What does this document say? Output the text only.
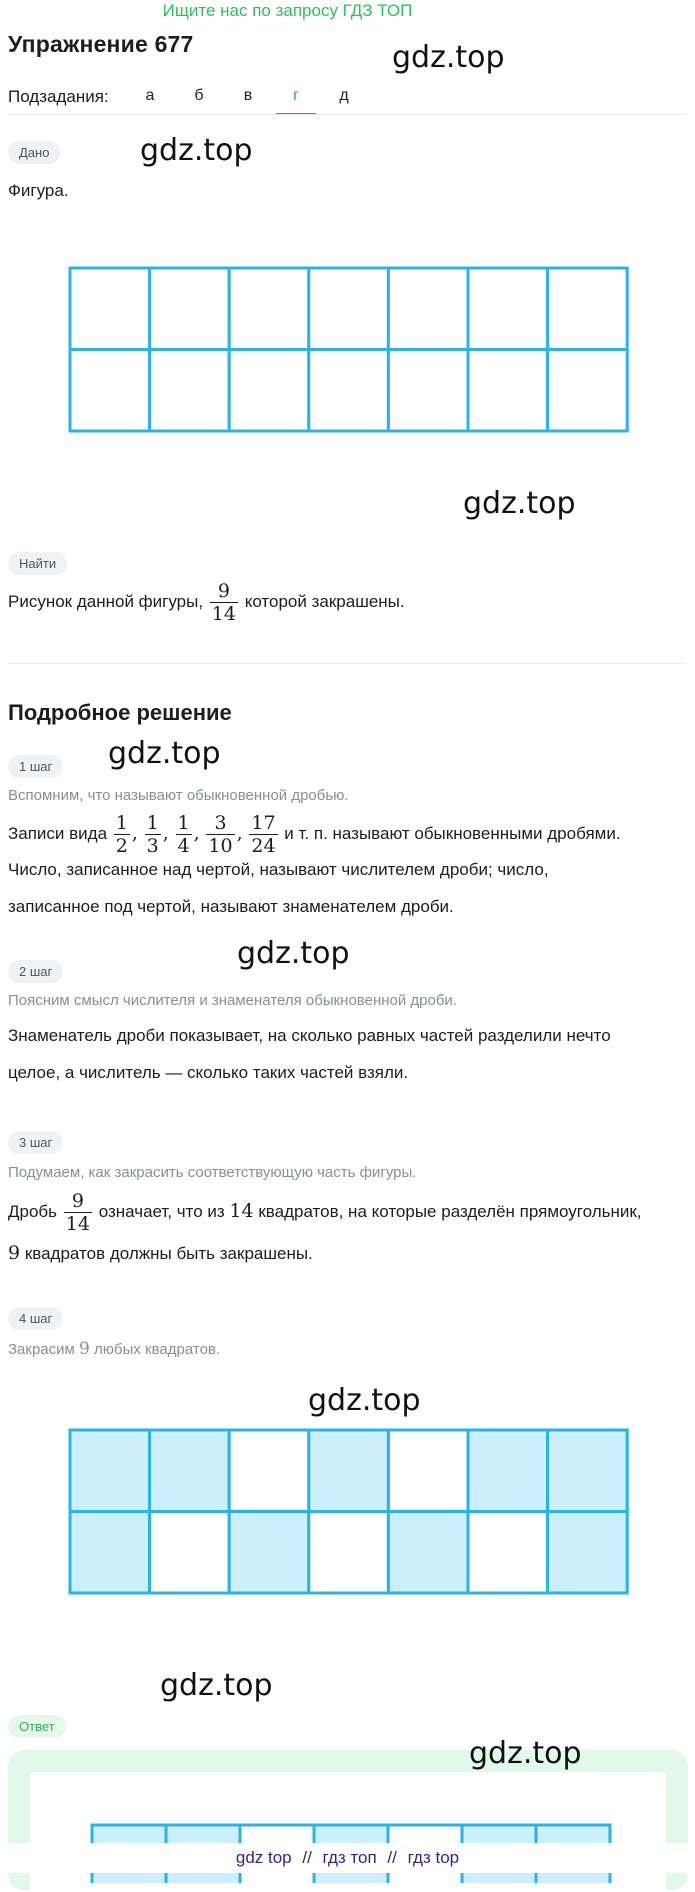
Ищите нас по запросу ГДЗ ТОП
Упражнение 677	gdz.top
gdz.top
gdz.top
gdz.top
gdz.top
gdz.top
gdz.top
Подзадания:	а	б	в	г	д
Дано
Фигура.
Найти
Рисунок данной фигуры, $\frac{9}{14}$ которой закрашены.
Подробное решение
1 шаг
Вспомним, что называют обыкновенной дробью.
Записи вида $\frac{1}{2}$ , $\frac{1}{3}$ , $\frac{1}{4}$ , $\frac{3}{10}$ , $\frac{17}{24}$ и т. п. называют обыкновенными дробями.
Число, записанное над чертой, называют числителем дроби; число,
записанное под чертой, называют знаменателем дроби.
2 шаг
Поясним смысл числителя и знаменателя обыкновенной дроби.
Знаменатель дроби показывает, на сколько равных частей разделили нечто
целое, а числитель — сколько таких частей взяли.
3 шаг
Подумаем, как закрасить соответствующую часть фигуры.
Дробь $\frac{9}{14}$ означает, что из 14 квадратов, на которые разделён прямоугольник,
9 квадратов должны быть закрашены.
4 шаг
Закрасим 9 любых квадратов.
Ответ
gdz.top
gdz top // гдз топ // гдз top
